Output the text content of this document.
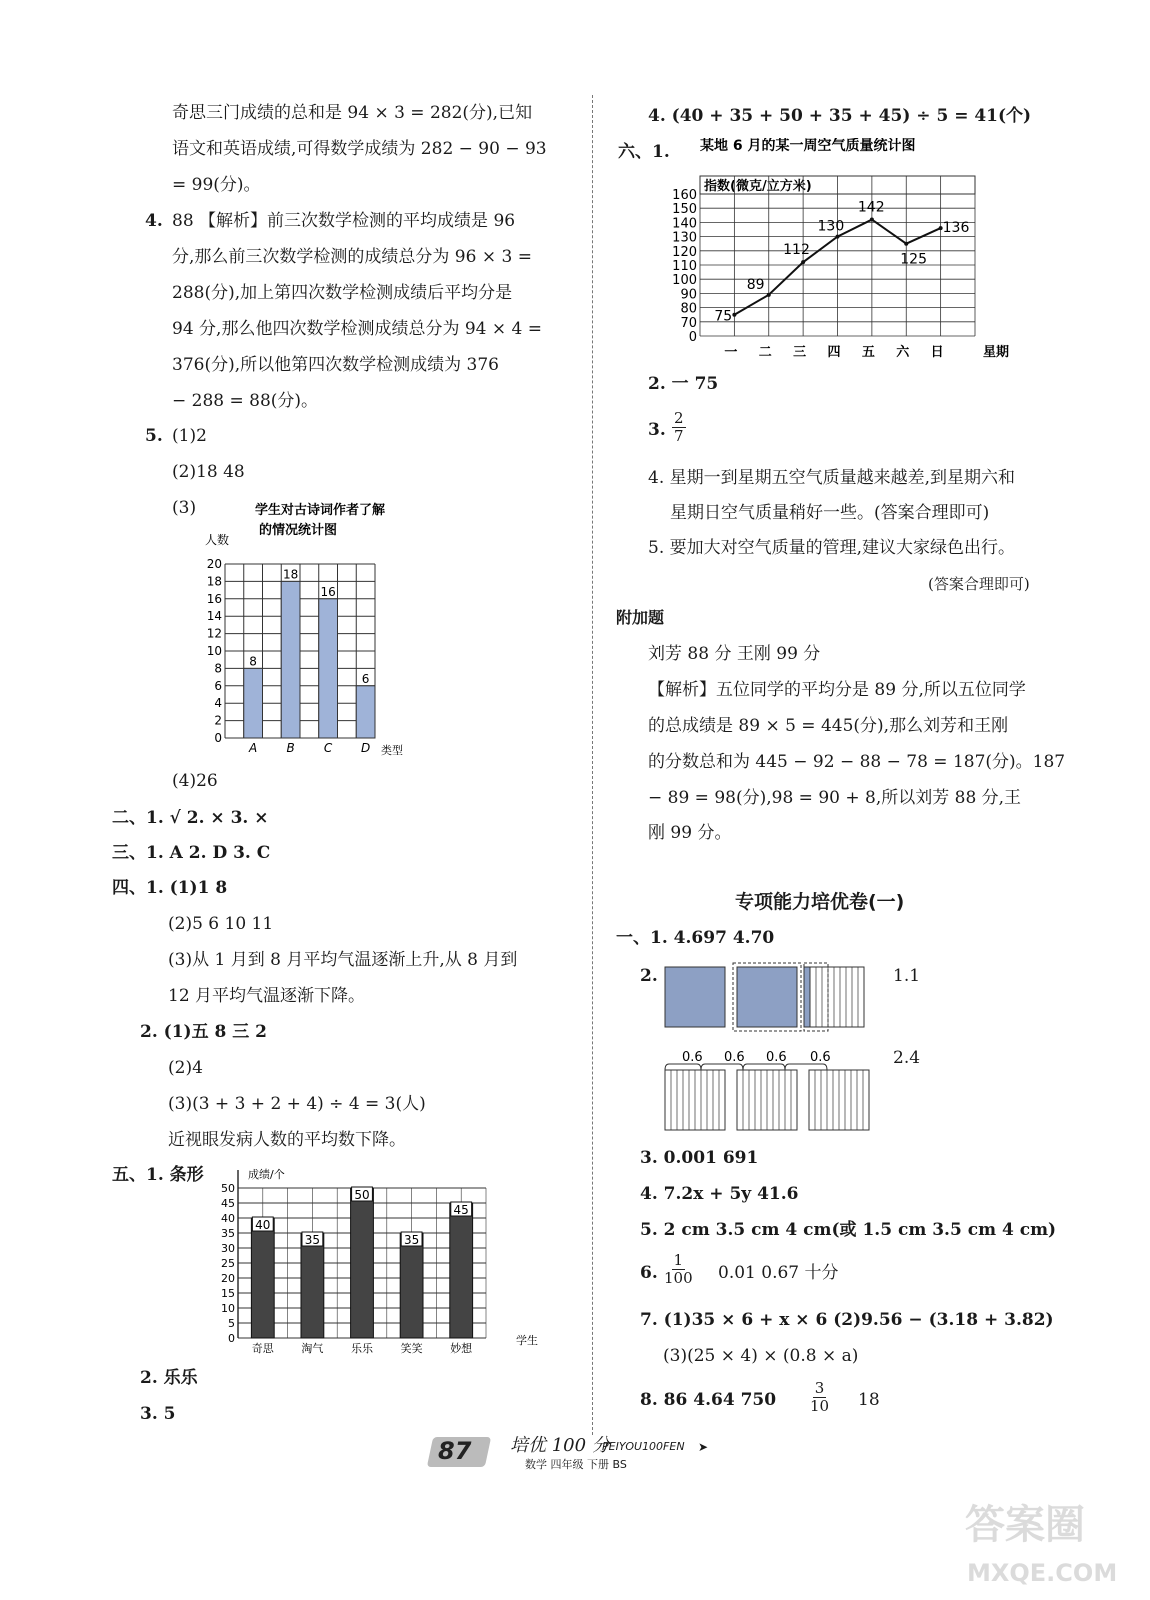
奇思三门成绩的总和是 94 × 3 = 282(分),已知
语文和英语成绩,可得数学成绩为 282 − 90 − 93
= 99(分)。
4. 88 【解析】前三次数学检测的平均成绩是 96
分,那么前三次数学检测的成绩总分为 96 × 3 =
288(分),加上第四次数学检测成绩后平均分是
94 分,那么他四次数学检测成绩总分为 94 × 4 =
376(分),所以他第四次数学检测成绩为 376
− 288 = 88(分)。
5. (1)2
(2)18 48
(3)	学生对古诗词作者了解
的情况统计图
人数
0
2
4
6
8
10
12
14
16
18
20
8
A
18
B
16
C
6
D 类型
(4)26
二、1. √ 2. × 3. ×
三、1. A 2. D 3. C
四、1. (1)1 8
(2)5 6 10 11
(3)从 1 月到 8 月平均气温逐渐上升,从 8 月到
12 月平均气温逐渐下降。
2. (1)五 8 三 2
(2)4
(3)(3 + 3 + 2 + 4) ÷ 4 = 3(人)
近视眼发病人数的平均数下降。
五、1. 条形	成绩/个
0
5
10
15
20
25
30
35
40
45
50
40
奇思
35
淘气
50
乐乐
35
笑笑
45
妙想
学生
2. 乐乐
3. 5
4. (40 + 35 + 50 + 35 + 45) ÷ 5 = 41(个)
六、1. 某地 6 月的某一周空气质量统计图
指数(微克/立方米)
0
70
80
90
100
110
120
130
140
150
160
75
89
112
130
142
125
136
一 二 三 四 五 六 日	星期
2. 一 75
3. $\frac{2}{7}$
4. 星期一到星期五空气质量越来越差,到星期六和
星期日空气质量稍好一些。(答案合理即可)
5. 要加大对空气质量的管理,建议大家绿色出行。
(答案合理即可)
附加题
刘芳 88 分 王刚 99 分
【解析】五位同学的平均分是 89 分,所以五位同学
的总成绩是 89 × 5 = 445(分),那么刘芳和王刚
的分数总和为 445 − 92 − 88 − 78 = 187(分)。187
− 89 = 98(分),98 = 90 + 8,所以刘芳 88 分,王
刚 99 分。
专项能力培优卷(一)
一、1. 4.697 4.70
2.
0.6 0.6 0.6 0.6
1.1
2.4
3. 0.001 691
4. 7.2x + 5y 41.6
5. 2 cm 3.5 cm 4 cm(或 1.5 cm 3.5 cm 4 cm)
6. $\frac{1}{100} 0.01$ 0.67 十分
7. (1)35 × 6 + x × 6 (2)9.56 − (3.18 + 3.82)
(3)(25 × 4) × (0.8 × a)
8. 86 4.64 $750 \frac{3}{10} 18$
87 培优 100 分
PEIYOU100FEN
数学 四年级 下册 BS
➤
答案圈
MXQE.COM
